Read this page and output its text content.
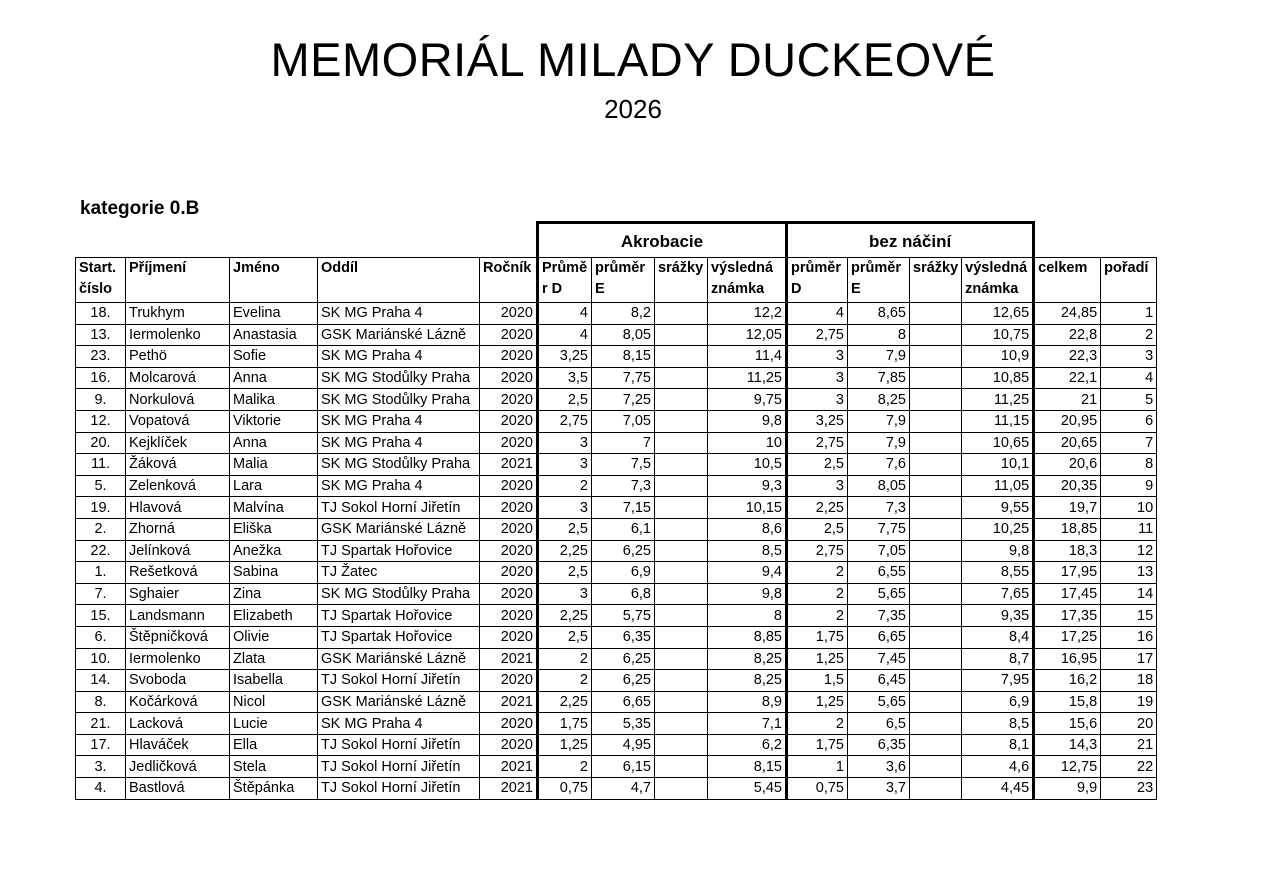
MEMORIÁL MILADY DUCKEOVÉ
2026
kategorie 0.B
					Akrobacie				bez náčiní					
Start. číslo	Příjmení	Jméno	Oddíl	Ročník	Průmě r D	průměr E	srážky	výsledná známka	průměr D	průměr E	srážky	výsledná známka	celkem	pořadí
18.	Trukhym	Evelina	SK MG Praha 4	2020	4	8,2		12,2	4	8,65		12,65	24,85	1
13.	Iermolenko	Anastasia	GSK Mariánské Lázně	2020	4	8,05		12,05	2,75	8		10,75	22,8	2
23.	Pethö	Sofie	SK MG Praha 4	2020	3,25	8,15		11,4	3	7,9		10,9	22,3	3
16.	Molcarová	Anna	SK MG Stodůlky Praha	2020	3,5	7,75		11,25	3	7,85		10,85	22,1	4
9.	Norkulová	Malika	SK MG Stodůlky Praha	2020	2,5	7,25		9,75	3	8,25		11,25	21	5
12.	Vopatová	Viktorie	SK MG Praha 4	2020	2,75	7,05		9,8	3,25	7,9		11,15	20,95	6
20.	Kejklíček	Anna	SK MG Praha 4	2020	3	7		10	2,75	7,9		10,65	20,65	7
11.	Žáková	Malia	SK MG Stodůlky Praha	2021	3	7,5		10,5	2,5	7,6		10,1	20,6	8
5.	Zelenková	Lara	SK MG Praha 4	2020	2	7,3		9,3	3	8,05		11,05	20,35	9
19.	Hlavová	Malvína	TJ Sokol Horní Jiřetín	2020	3	7,15		10,15	2,25	7,3		9,55	19,7	10
2.	Zhorná	Eliška	GSK Mariánské Lázně	2020	2,5	6,1		8,6	2,5	7,75		10,25	18,85	11
22.	Jelínková	Anežka	TJ Spartak Hořovice	2020	2,25	6,25		8,5	2,75	7,05		9,8	18,3	12
1.	Rešetková	Sabina	TJ Žatec	2020	2,5	6,9		9,4	2	6,55		8,55	17,95	13
7.	Sghaier	Zina	SK MG Stodůlky Praha	2020	3	6,8		9,8	2	5,65		7,65	17,45	14
15.	Landsmann	Elizabeth	TJ Spartak Hořovice	2020	2,25	5,75		8	2	7,35		9,35	17,35	15
6.	Štěpničková	Olivie	TJ Spartak Hořovice	2020	2,5	6,35		8,85	1,75	6,65		8,4	17,25	16
10.	Iermolenko	Zlata	GSK Mariánské Lázně	2021	2	6,25		8,25	1,25	7,45		8,7	16,95	17
14.	Svoboda	Isabella	TJ Sokol Horní Jiřetín	2020	2	6,25		8,25	1,5	6,45		7,95	16,2	18
8.	Kočárková	Nicol	GSK Mariánské Lázně	2021	2,25	6,65		8,9	1,25	5,65		6,9	15,8	19
21.	Lacková	Lucie	SK MG Praha 4	2020	1,75	5,35		7,1	2	6,5		8,5	15,6	20
17.	Hlaváček	Ella	TJ Sokol Horní Jiřetín	2020	1,25	4,95		6,2	1,75	6,35		8,1	14,3	21
3.	Jedličková	Stela	TJ Sokol Horní Jiřetín	2021	2	6,15		8,15	1	3,6		4,6	12,75	22
4.	Bastlová	Štěpánka	TJ Sokol Horní Jiřetín	2021	0,75	4,7		5,45	0,75	3,7		4,45	9,9	23
